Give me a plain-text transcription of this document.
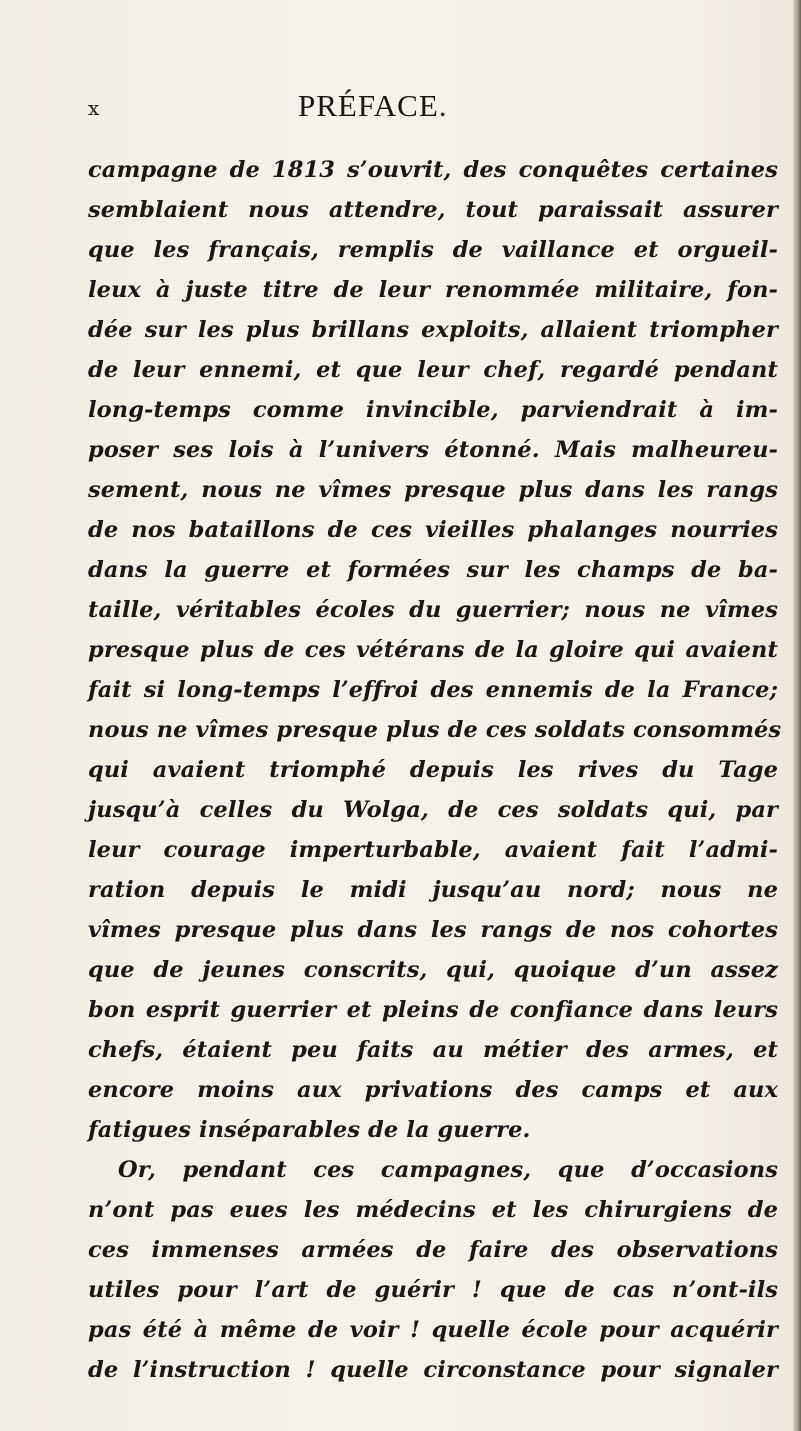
x	PRÉFACE.
campagne de 1813 s’ouvrit, des conquêtes certaines
semblaient nous attendre, tout paraissait assurer
que les français, remplis de vaillance et orgueil-
leux à juste titre de leur renommée militaire, fon-
dée sur les plus brillans exploits, allaient triompher
de leur ennemi, et que leur chef, regardé pendant
long-temps comme invincible, parviendrait à im-
poser ses lois à l’univers étonné. Mais malheureu-
sement, nous ne vîmes presque plus dans les rangs
de nos bataillons de ces vieilles phalanges nourries
dans la guerre et formées sur les champs de ba-
taille, véritables écoles du guerrier; nous ne vîmes
presque plus de ces vétérans de la gloire qui avaient
fait si long-temps l’effroi des ennemis de la France;
nous ne vîmes presque plus de ces soldats consommés
qui avaient triomphé depuis les rives du Tage
jusqu’à celles du Wolga, de ces soldats qui, par
leur courage imperturbable, avaient fait l’admi-
ration depuis le midi jusqu’au nord; nous ne
vîmes presque plus dans les rangs de nos cohortes
que de jeunes conscrits, qui, quoique d’un assez
bon esprit guerrier et pleins de confiance dans leurs
chefs, étaient peu faits au métier des armes, et
encore moins aux privations des camps et aux
fatigues inséparables de la guerre.
Or, pendant ces campagnes, que d’occasions
n’ont pas eues les médecins et les chirurgiens de
ces immenses armées de faire des observations
utiles pour l’art de guérir ! que de cas n’ont-ils
pas été à même de voir ! quelle école pour acquérir
de l’instruction ! quelle circonstance pour signaler
